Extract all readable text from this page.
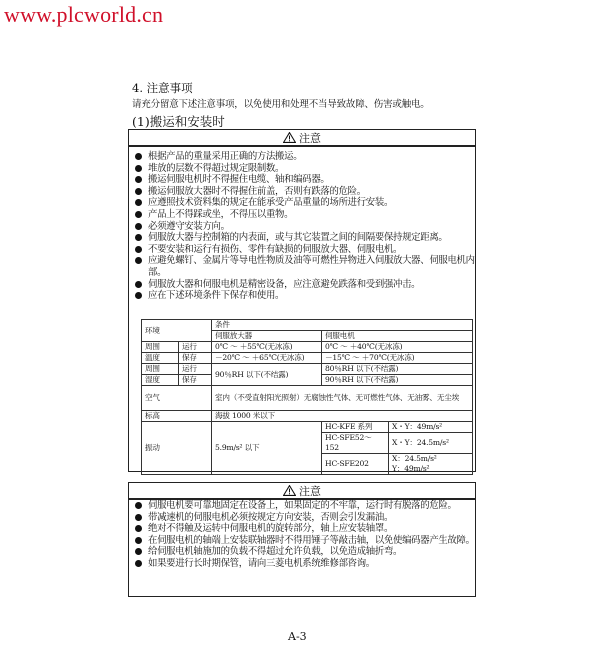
www.plcworld.cn
4. 注意事项
请充分留意下述注意事项，以免使用和处理不当导致故障、伤害或触电。
(1)搬运和安装时
注意
根据产品的重量采用正确的方法搬运。
堆放的层数不得超过规定限制数。
搬运伺服电机时不得握住电缆、轴和编码器。
搬运伺服放大器时不得握住前盖，否则有跌落的危险。
应遵照技术资料集的规定在能承受产品重量的场所进行安装。
产品上不得踩或坐，不得压以重物。
必须遵守安装方向。
伺服放大器与控制箱的内表面，或与其它装置之间的间隔要保持规定距离。
不要安装和运行有损伤、零件有缺损的伺服放大器、伺服电机。
应避免螺钉、金属片等导电性物质及油等可燃性异物进入伺服放大器、伺服电机内部。
伺服放大器和伺服电机是精密设备，应注意避免跌落和受到强冲击。
应在下述环境条件下保存和使用。
环境		条件		
		伺服放大器	伺服电机	
周围	运行	0℃ ～ ＋55℃(无冰冻)	0℃ ～ ＋40℃(无冰冻)	
温度	保存	－20℃ ～ ＋65℃(无冰冻)	－15℃ ～ ＋70℃(无冰冻)	
周围	运行	90％RH 以下(不结露)	80％RH 以下(不结露)	
湿度	保存		90％RH 以下(不结露)	
空气		室内（不受直射阳光照射）无腐蚀性气体、无可燃性气体、无油雾、无尘埃		
标高		海拔 1000 米以下		
振动		5.9m/s² 以下	HC-KFE 系列	X・Y：49m/s²
			HC-SFE52～152	X・Y：24.5m/s²
			HC-SFE202	X：24.5m/s²
Y：49m/s²
注意
伺服电机要可靠地固定在设备上，如果固定的不牢靠，运行时有脱落的危险。
带减速机的伺服电机必须按规定方向安装，否则会引发漏油。
绝对不得触及运转中伺服电机的旋转部分，轴上应安装轴罩。
在伺服电机的轴端上安装联轴器时不得用锤子等敲击轴，以免使编码器产生故障。
给伺服电机轴施加的负载不得超过允许负载，以免造成轴折弯。
如果要进行长时期保管，请向三菱电机系统维修部咨询。
A-3
